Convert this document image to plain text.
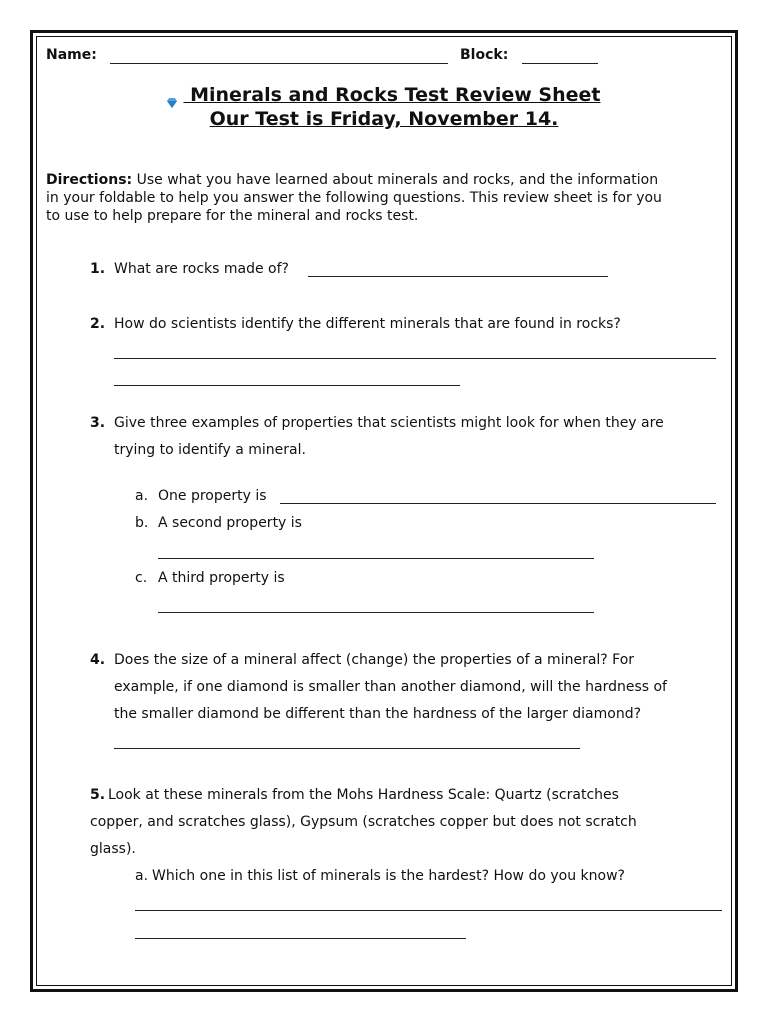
Name:	Block:
Minerals and Rocks Test Review Sheet
Our Test is Friday, November 14.
Directions: Use what you have learned about minerals and rocks, and the information
in your foldable to help you answer the following questions. This review sheet is for you
to use to help prepare for the mineral and rocks test.
1. What are rocks made of?
2. How do scientists identify the different minerals that are found in rocks?
3. Give three examples of properties that scientists might look for when they are
trying to identify a mineral.
a. One property is
b. A second property is
c. A third property is
4. Does the size of a mineral affect (change) the properties of a mineral? For
example, if one diamond is smaller than another diamond, will the hardness of
the smaller diamond be different than the hardness of the larger diamond?
5. Look at these minerals from the Mohs Hardness Scale: Quartz (scratches
copper, and scratches glass), Gypsum (scratches copper but does not scratch
glass).
a. Which one in this list of minerals is the hardest? How do you know?
